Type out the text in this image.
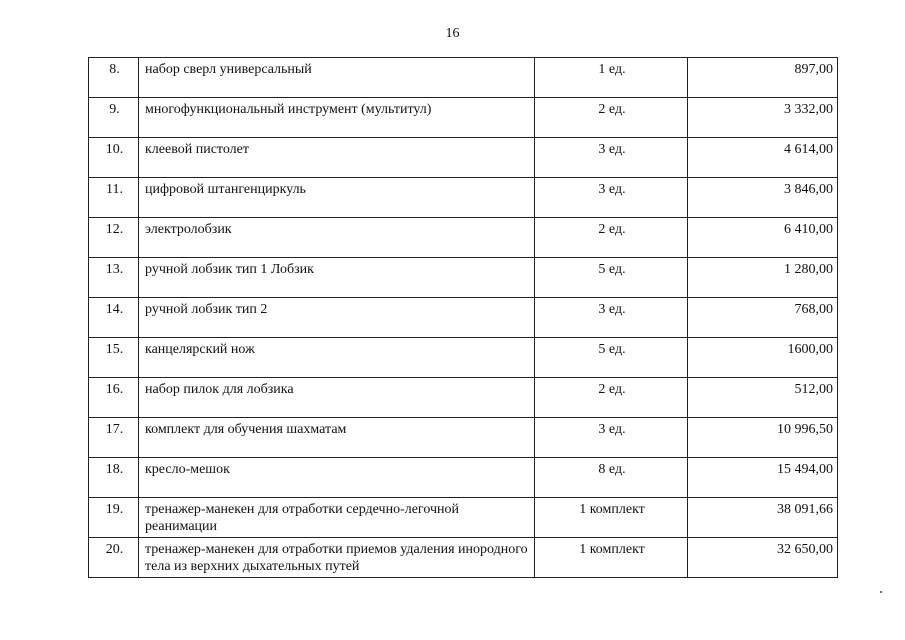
16
8.	набор сверл универсальный	1 ед.	897,00
9.	многофункциональный инструмент (мультитул)	2 ед.	3 332,00
10.	клеевой пистолет	3 ед.	4 614,00
11.	цифровой штангенциркуль	3 ед.	3 846,00
12.	электролобзик	2 ед.	6 410,00
13.	ручной лобзик тип 1 Лобзик	5 ед.	1 280,00
14.	ручной лобзик тип 2	3 ед.	768,00
15.	канцелярский нож	5 ед.	1600,00
16.	набор пилок для лобзика	2 ед.	512,00
17.	комплект для обучения шахматам	3 ед.	10 996,50
18.	кресло-мешок	8 ед.	15 494,00
19.	тренажер-манекен для отработки сердечно-легочной реанимации	1 комплект	38 091,66
20.	тренажер-манекен для отработки приемов удаления инородного тела из верхних дыхательных путей	1 комплект	32 650,00
